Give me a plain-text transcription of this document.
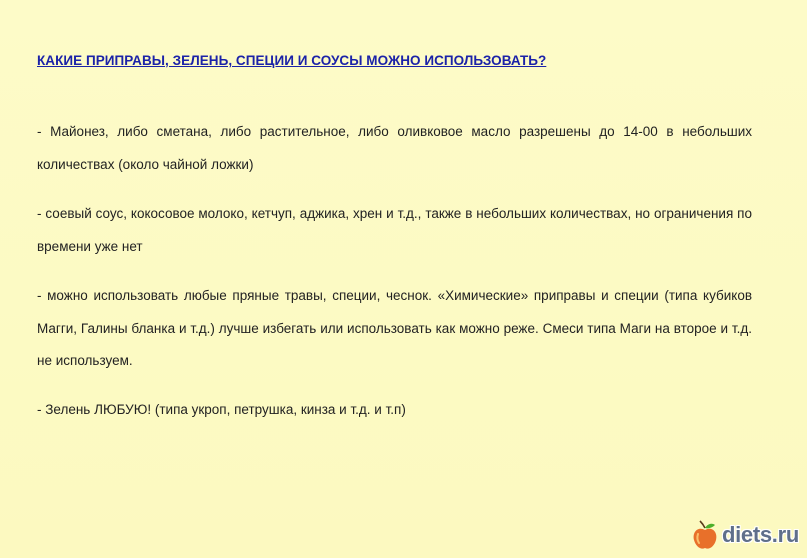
КАКИЕ ПРИПРАВЫ, ЗЕЛЕНЬ, СПЕЦИИ И СОУСЫ МОЖНО ИСПОЛЬЗОВАТЬ?
- Майонез, либо сметана, либо растительное, либо оливковое масло разрешены до 14-00 в небольших количествах (около чайной ложки)
- соевый соус, кокосовое молоко, кетчуп, аджика, хрен и т.д., также в небольших количествах, но ограничения по времени уже нет
- можно использовать любые пряные травы, специи, чеснок. «Химические» приправы и специи (типа кубиков Магги, Галины бланка и т.д.) лучше избегать или использовать как можно реже. Смеси типа Маги на второе и т.д. не используем.
- Зелень ЛЮБУЮ! (типа укроп, петрушка, кинза и т.д. и т.п)
diets.ru
